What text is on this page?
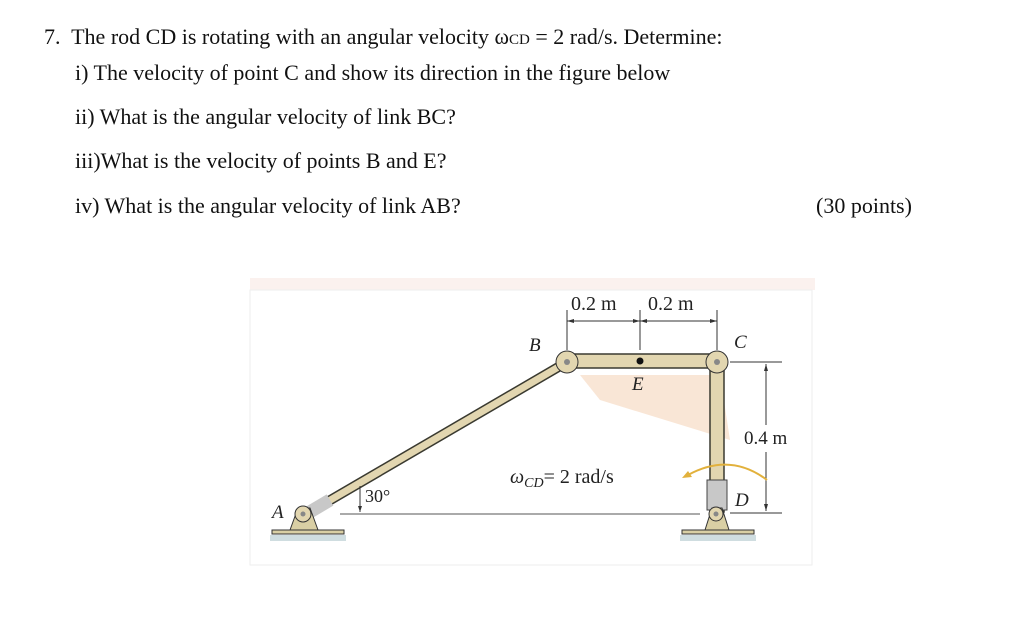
7. The rod CD is rotating with an angular velocity ωCD = 2 rad/s. Determine:
i) The velocity of point C and show its direction in the figure below
ii) What is the angular velocity of link BC?
iii)What is the velocity of points B and E?
iv) What is the angular velocity of link AB?	(30 points)
0.2 m 0.2 m
B	C
E
A
D
0.4 m
30°
$\omega_{CD}= 2$ rad/s
